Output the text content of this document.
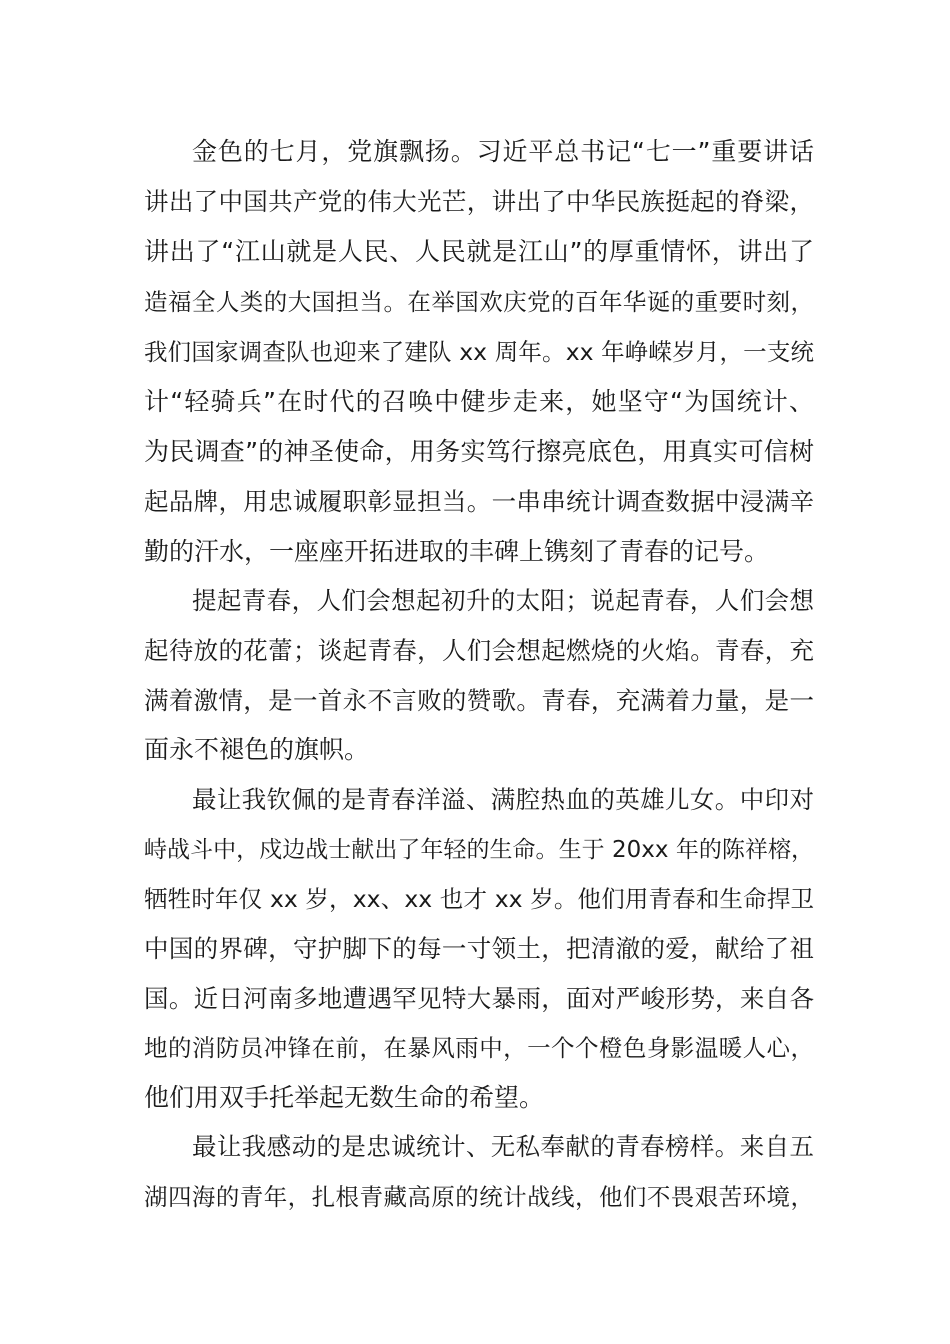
金色的七月，党旗飘扬。习近平总书记“七一”重要讲话
讲出了中国共产党的伟大光芒，讲出了中华民族挺起的脊梁，
讲出了“江山就是人民、人民就是江山”的厚重情怀，讲出了
造福全人类的大国担当。在举国欢庆党的百年华诞的重要时刻，
我们国家调查队也迎来了建队 xx 周年。xx 年峥嵘岁月，一支统
计“轻骑兵”在时代的召唤中健步走来，她坚守“为国统计、
为民调查”的神圣使命，用务实笃行擦亮底色，用真实可信树
起品牌，用忠诚履职彰显担当。一串串统计调查数据中浸满辛
勤的汗水，一座座开拓进取的丰碑上镌刻了青春的记号。
提起青春，人们会想起初升的太阳；说起青春，人们会想
起待放的花蕾；谈起青春，人们会想起燃烧的火焰。青春，充
满着激情，是一首永不言败的赞歌。青春，充满着力量，是一
面永不褪色的旗帜。
最让我钦佩的是青春洋溢、满腔热血的英雄儿女。中印对
峙战斗中，戍边战士献出了年轻的生命。生于 20xx 年的陈祥榕，
牺牲时年仅 xx 岁，xx、xx 也才 xx 岁。他们用青春和生命捍卫
中国的界碑，守护脚下的每一寸领土，把清澈的爱，献给了祖
国。近日河南多地遭遇罕见特大暴雨，面对严峻形势，来自各
地的消防员冲锋在前，在暴风雨中，一个个橙色身影温暖人心，
他们用双手托举起无数生命的希望。
最让我感动的是忠诚统计、无私奉献的青春榜样。来自五
湖四海的青年，扎根青藏高原的统计战线，他们不畏艰苦环境，
